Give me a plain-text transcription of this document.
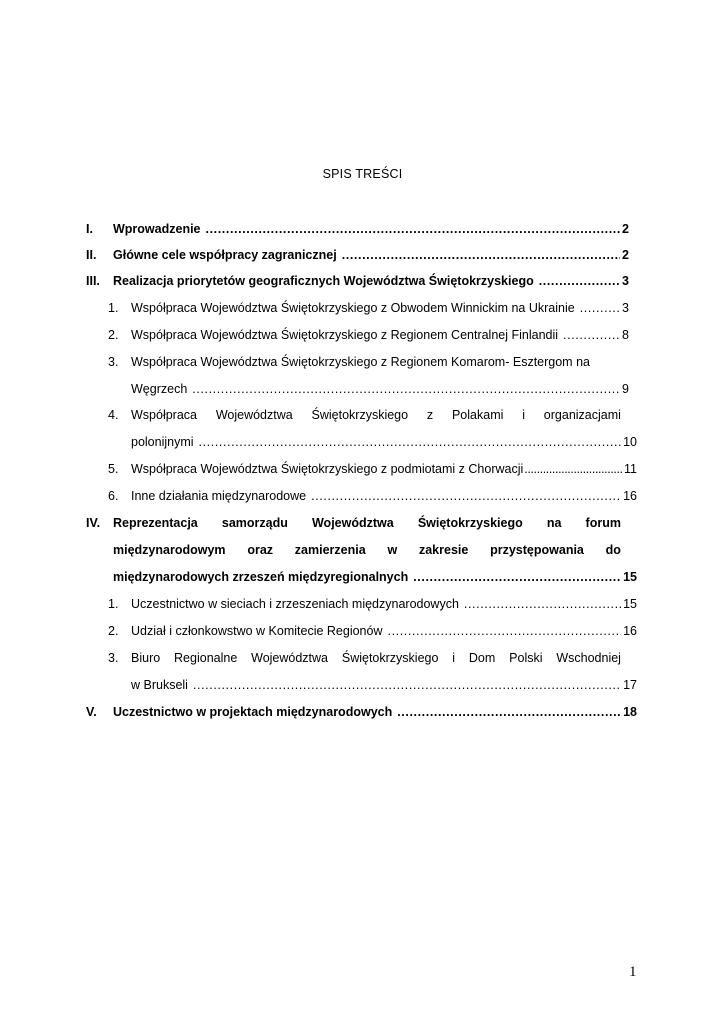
SPIS TREŚCI
I. Wprowadzenie .....	2
II. Główne cele współpracy zagranicznej .....	2
III. Realizacja priorytetów geograficznych Województwa Świętokrzyskiego .....	3
1. Współpraca Województwa Świętokrzyskiego z Obwodem Winnickim na Ukrainie .....	3
2. Współpraca Województwa Świętokrzyskiego z Regionem Centralnej Finlandii .....	8
3. Współpraca Województwa Świętokrzyskiego z Regionem Komarom- Esztergom na
Węgrzech .....	9
4. Współpraca Województwa Świętokrzyskiego z Polakami i organizacjami
polonijnymi .....	10
5. Współpraca Województwa Świętokrzyskiego z podmiotami z Chorwacji .....	11
6. Inne działania międzynarodowe .....	16
IV. Reprezentacja samorządu Województwa Świętokrzyskiego na forum
międzynarodowym oraz zamierzenia w zakresie przystępowania do
międzynarodowych zrzeszeń międzyregionalnych .....	15
1. Uczestnictwo w sieciach i zrzeszeniach międzynarodowych .....	15
2. Udział i członkowstwo w Komitecie Regionów .....	16
3. Biuro Regionalne Województwa Świętokrzyskiego i Dom Polski Wschodniej
w Brukseli .....	17
V. Uczestnictwo w projektach międzynarodowych .....	18
1
